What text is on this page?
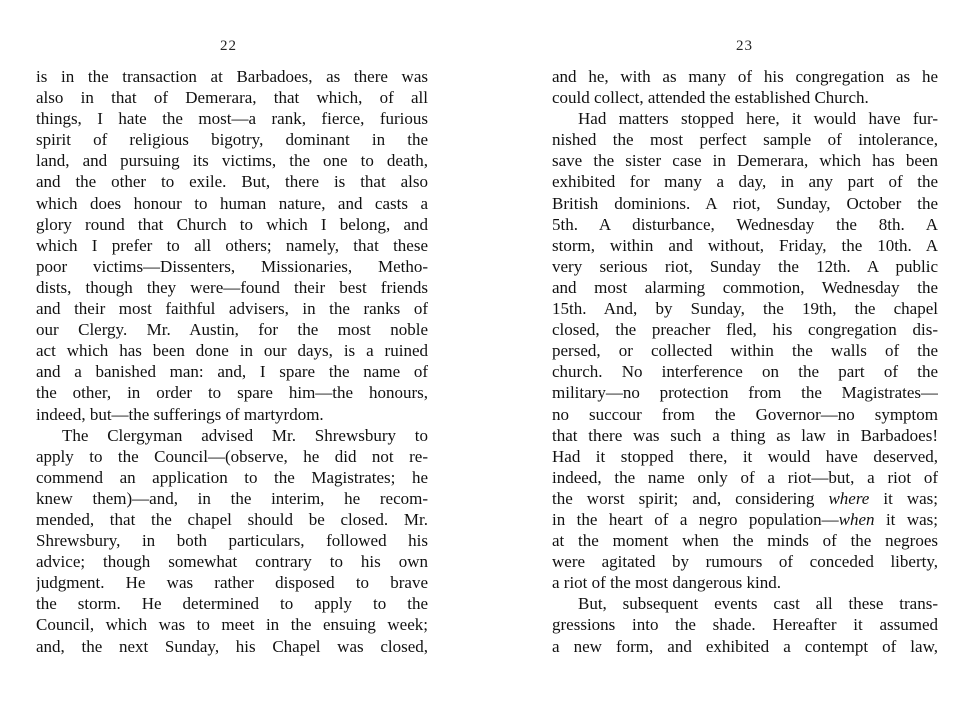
22
is in the transaction at Barbadoes, as there was
also in that of Demerara, that which, of all
things, I hate the most—a rank, fierce, furious
spirit of religious bigotry, dominant in the
land, and pursuing its victims, the one to death,
and the other to exile. But, there is that also
which does honour to human nature, and casts a
glory round that Church to which I belong, and
which I prefer to all others; namely, that these
poor victims—Dissenters, Missionaries, Metho-
dists, though they were—found their best friends
and their most faithful advisers, in the ranks of
our Clergy. Mr. Austin, for the most noble
act which has been done in our days, is a ruined
and a banished man: and, I spare the name of
the other, in order to spare him—the honours,
indeed, but—the sufferings of martyrdom.
The Clergyman advised Mr. Shrewsbury to
apply to the Council—(observe, he did not re-
commend an application to the Magistrates; he
knew them)—and, in the interim, he recom-
mended, that the chapel should be closed. Mr.
Shrewsbury, in both particulars, followed his
advice; though somewhat contrary to his own
judgment. He was rather disposed to brave
the storm. He determined to apply to the
Council, which was to meet in the ensuing week;
and, the next Sunday, his Chapel was closed,
23
and he, with as many of his congregation as he
could collect, attended the established Church.
Had matters stopped here, it would have fur-
nished the most perfect sample of intolerance,
save the sister case in Demerara, which has been
exhibited for many a day, in any part of the
British dominions. A riot, Sunday, October the
5th. A disturbance, Wednesday the 8th. A
storm, within and without, Friday, the 10th. A
very serious riot, Sunday the 12th. A public
and most alarming commotion, Wednesday the
15th. And, by Sunday, the 19th, the chapel
closed, the preacher fled, his congregation dis-
persed, or collected within the walls of the
church. No interference on the part of the
military—no protection from the Magistrates—
no succour from the Governor—no symptom
that there was such a thing as law in Barbadoes!
Had it stopped there, it would have deserved,
indeed, the name only of a riot—but, a riot of
the worst spirit; and, considering where it was;
in the heart of a negro population—when it was;
at the moment when the minds of the negroes
were agitated by rumours of conceded liberty,
a riot of the most dangerous kind.
But, subsequent events cast all these trans-
gressions into the shade. Hereafter it assumed
a new form, and exhibited a contempt of law,
